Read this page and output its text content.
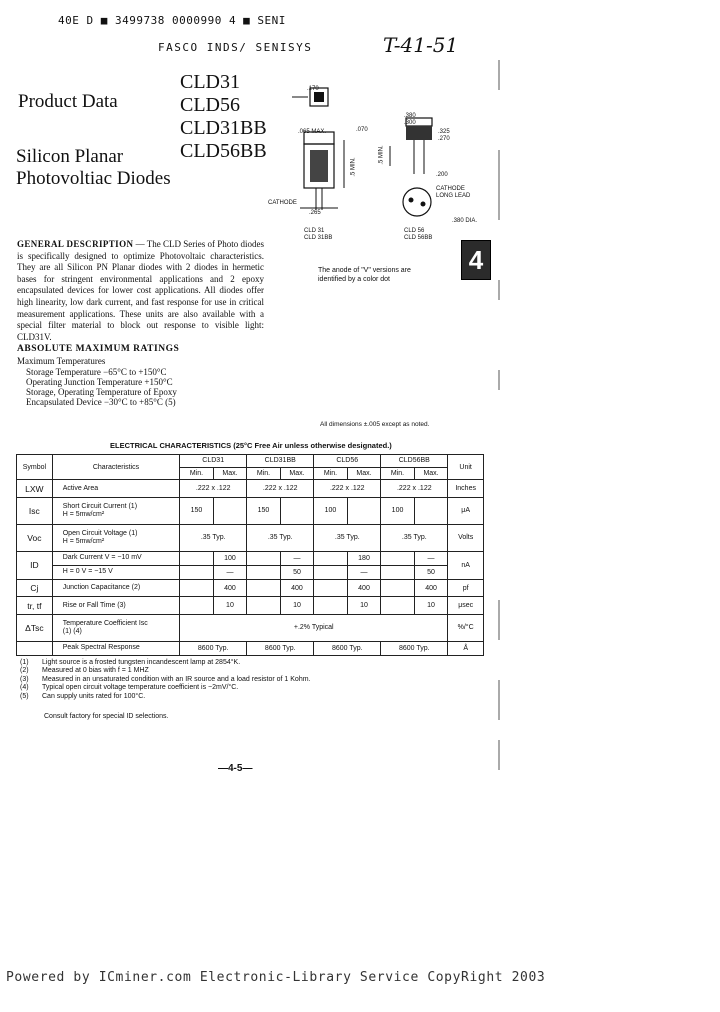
40E D ■ 3499738 0000990 4 ■ SENI
FASCO INDS/ SENISYS	T-41-51
Product Data
CLD31
CLD56
CLD31BB
CLD56BB
Silicon Planar
Photovoltiac Diodes
.170
.065 MAX.	.070
.5 MIN.
CATHODE
.265
CLD 31
CLD 31BB
.380
.300
.325
.270
.5 MIN.
.200
CATHODE
LONG LEAD
.380 DIA.
CLD 56
CLD 56BB
4
GENERAL DESCRIPTION — The CLD Series of Photo diodes is specifically designed to optimize Photovoltaic characteristics. They are all Silicon PN Planar diodes with 2 diodes in hermetic bases for stringent environmental applications and 2 epoxy encapsulated devices for lower cost applications. All diodes offer high linearity, low dark current, and fast response for use in critical measurement applications. These units are also available with a special filter material to block out response to visible light: CLD31V.
The anode of "V" versions are identified by a color dot
ABSOLUTE MAXIMUM RATINGS
Maximum Temperatures
Storage Temperature −65°C to +150°C
Operating Junction Temperature +150°C
Storage, Operating Temperature of Epoxy
Encapsulated Device −30°C to +85°C (5)
All dimensions ±.005 except as noted.
ELECTRICAL CHARACTERISTICS (25°C Free Air unless otherwise designated.)
Symbol	Characteristics	CLD31		CLD31BB		CLD56		CLD56BB		Unit
		Min.	Max.	Min.	Max.	Min.	Max.	Min.	Max.	
LXW	Active Area	.222 x .122		.222 x .122		.222 x .122		.222 x .122		Inches
Isc	Short Circuit Current (1)
H = 5mw/cm²	150		150		100		100		μA
Voc	Open Circuit Voltage (1)
H = 5mw/cm²	.35 Typ.		.35 Typ.		.35 Typ.		.35 Typ.		Volts
ID	Dark Current V = −10 mV		100		—		180		—	nA
	H = 0 V = −15 V		—		50		—		50	
Cj	Junction Capacitance (2)		400		400		400		400	pf
tr, tf	Rise or Fall Time (3)		10		10		10		10	μsec
ΔTsc	Temperature Coefficient Isc
(1) (4)	+.2% Typical								%/°C
	Peak Spectral Response	8600 Typ.		8600 Typ.		8600 Typ.		8600 Typ.		Å
(1) Light source is a frosted tungsten incandescent lamp at 2854°K.
(2) Measured at 0 bias with f = 1 MHZ
(3) Measured in an unsaturated condition with an IR source and a load resistor of 1 Kohm.
(4) Typical open circuit voltage temperature coefficient is −2mV/°C.
(5) Can supply units rated for 100°C.
Consult factory for special ID selections.
—4-5—
Powered by ICminer.com Electronic-Library Service CopyRight 2003
